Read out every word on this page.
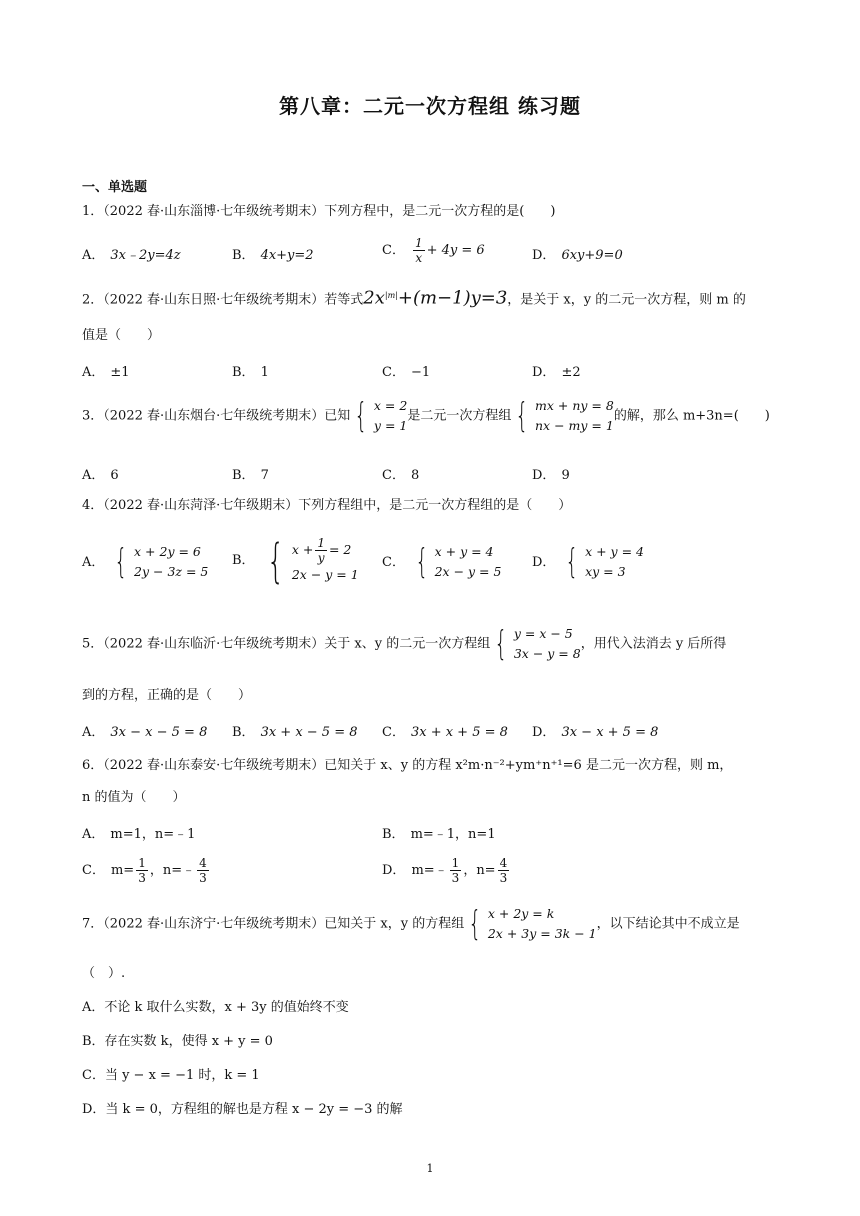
第八章：二元一次方程组 练习题
一、单选题
1．（2022 春·山东淄博·七年级统考期末）下列方程中，是二元一次方程的是(　　)
A． 3x﹣2y=4z	B． 4x+y=2	C． $\frac{1}{x} + 4y = 6$	D． 6xy+9=0
2．（2022 春·山东日照·七年级统考期末）若等式$2x^{|m|}+(m-1)y=3$，是关于 x，y 的二元一次方程，则 m 的
值是（　　）
A． ±1	B． 1	C． −1	D． ±2
3．（2022 春·山东烟台·七年级统考期末）已知 { x = 2
y = 1
是二元一次方程组 { mx + ny = 8
nx − my = 1
的解，那么 m+3n=(　　)
A． 6	B． 7	C． 8	D． 9
4．（2022 春·山东菏泽·七年级期末）下列方程组中，是二元一次方程组的是（　　）
A． { x + 2y = 6
2y − 3z = 5
B． { $x + \frac{1}{y} = 2$
2x − y = 1
C． { x + y = 4
2x − y = 5
D． { x + y = 4
xy = 3
5．（2022 春·山东临沂·七年级统考期末）关于 x、y 的二元一次方程组 { y = x − 5
3x − y = 8
，用代入法消去 y 后所得
到的方程，正确的是（　　）
A． 3x − x − 5 = 8 B． 3x + x − 5 = 8 C． 3x + x + 5 = 8 D． 3x − x + 5 = 8
6．（2022 春·山东泰安·七年级统考期末）已知关于 x、y 的方程 x²m·n⁻²+ym⁺n⁺¹=6 是二元一次方程，则 m，
n 的值为（　　）
A． m=1，n=﹣1	B． m=﹣1，n=1
C． $m= \frac{1}{3}$ ，n=﹣ $\frac{4}{3}$	D． m=﹣ $\frac{1}{3}$ ，$n= \frac{4}{3}$
7．（2022 春·山东济宁·七年级统考期末）已知关于 x，y 的方程组 { x + 2y = k
2x + 3y = 3k − 1
，以下结论其中不成立是
（　）.
A．不论 k 取什么实数，x + 3y 的值始终不变
B．存在实数 k，使得 x + y = 0
C．当 y − x = −1 时，k = 1
D．当 k = 0，方程组的解也是方程 x − 2y = −3 的解
1
